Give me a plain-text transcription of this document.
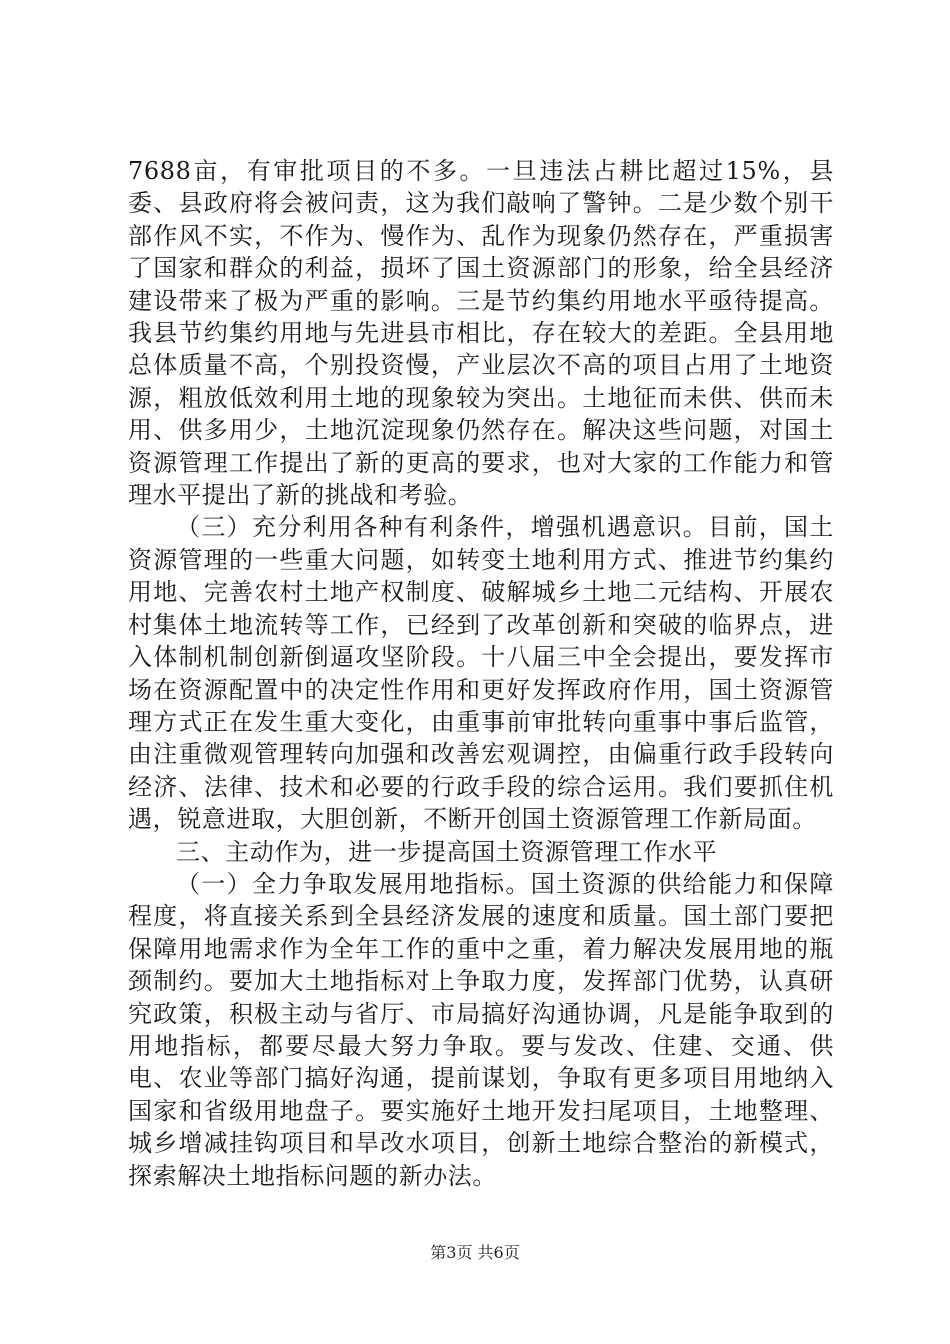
7688亩，有审批项目的不多。一旦违法占耕比超过15%，县委、县政府将会被问责，这为我们敲响了警钟。二是少数个别干部作风不实，不作为、慢作为、乱作为现象仍然存在，严重损害了国家和群众的利益，损坏了国土资源部门的形象，给全县经济建设带来了极为严重的影响。三是节约集约用地水平亟待提高。我县节约集约用地与先进县市相比，存在较大的差距。全县用地总体质量不高，个别投资慢，产业层次不高的项目占用了土地资源，粗放低效利用土地的现象较为突出。土地征而未供、供而未用、供多用少，土地沉淀现象仍然存在。解决这些问题，对国土资源管理工作提出了新的更高的要求，也对大家的工作能力和管理水平提出了新的挑战和考验。

（三）充分利用各种有利条件，增强机遇意识。目前，国土资源管理的一些重大问题，如转变土地利用方式、推进节约集约用地、完善农村土地产权制度、破解城乡土地二元结构、开展农村集体土地流转等工作，已经到了改革创新和突破的临界点，进入体制机制创新倒逼攻坚阶段。十八届三中全会提出，要发挥市场在资源配置中的决定性作用和更好发挥政府作用，国土资源管理方式正在发生重大变化，由重事前审批转向重事中事后监管，由注重微观管理转向加强和改善宏观调控，由偏重行政手段转向经济、法律、技术和必要的行政手段的综合运用。我们要抓住机遇，锐意进取，大胆创新，不断开创国土资源管理工作新局面。

三、主动作为，进一步提高国土资源管理工作水平

（一）全力争取发展用地指标。国土资源的供给能力和保障程度，将直接关系到全县经济发展的速度和质量。国土部门要把保障用地需求作为全年工作的重中之重，着力解决发展用地的瓶颈制约。要加大土地指标对上争取力度，发挥部门优势，认真研究政策，积极主动与省厅、市局搞好沟通协调，凡是能争取到的用地指标，都要尽最大努力争取。要与发改、住建、交通、供电、农业等部门搞好沟通，提前谋划，争取有更多项目用地纳入国家和省级用地盘子。要实施好土地开发扫尾项目，土地整理、城乡增减挂钩项目和旱改水项目，创新土地综合整治的新模式，探索解决土地指标问题的新办法。

第3页 共6页
